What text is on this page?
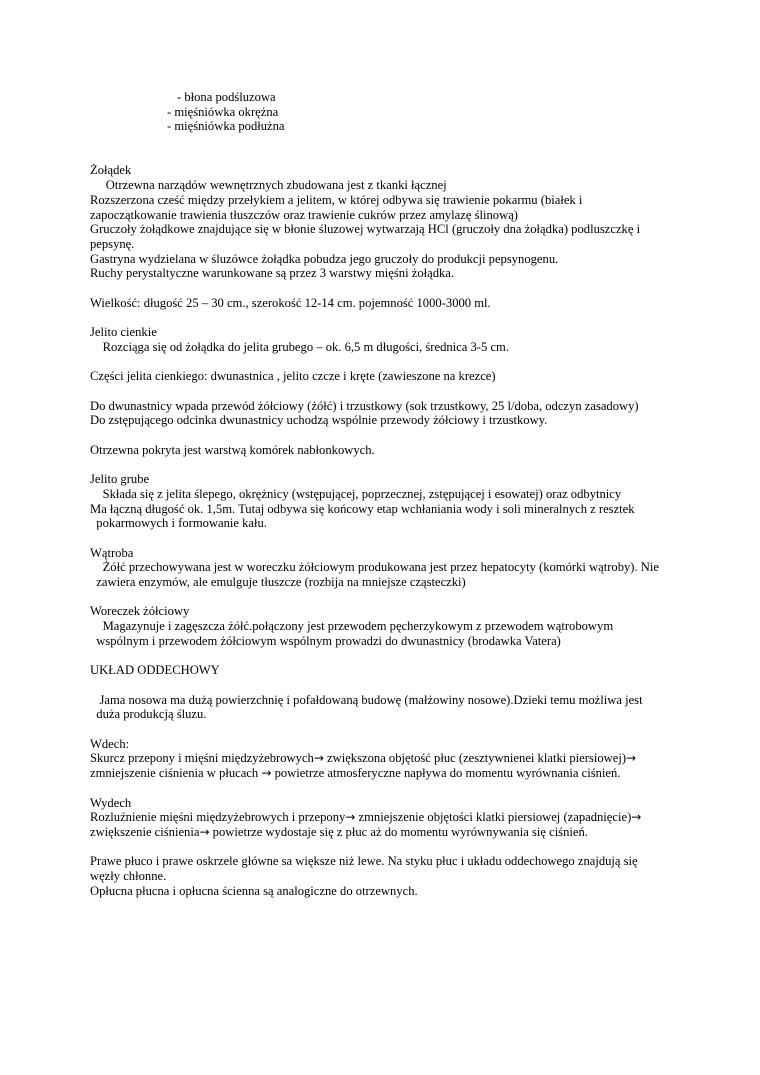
- błona podśluzowa
- mięśniówka okrężna
- mięśniówka podłużna
Żołądek
Otrzewna narządów wewnętrznych zbudowana jest z tkanki łącznej
Rozszerzona cześć między przełykiem a jelitem, w której odbywa się trawienie pokarmu (białek i
zapoczątkowanie trawienia tłuszczów oraz trawienie cukrów przez amylazę ślinową)
Gruczoły żołądkowe znajdujące się w błonie śluzowej wytwarzają HCl (gruczoły dna żołądka) podluszczkę i
pepsynę.
Gastryna wydzielana w śluzówce żołądka pobudza jego gruczoły do produkcji pepsynogenu.
Ruchy perystaltyczne warunkowane są przez 3 warstwy mięśni żołądka.
Wielkość: długość 25 – 30 cm., szerokość 12-14 cm. pojemność 1000-3000 ml.
Jelito cienkie
Rozciąga się od żołądka do jelita grubego – ok. 6,5 m długości, średnica 3-5 cm.
Części jelita cienkiego: dwunastnica , jelito czcze i kręte (zawieszone na krezce)
Do dwunastnicy wpada przewód żółciowy (żółć) i trzustkowy (sok trzustkowy, 25 l/doba, odczyn zasadowy)
Do zstępującego odcinka dwunastnicy uchodzą wspólnie przewody żółciowy i trzustkowy.
Otrzewna pokryta jest warstwą komórek nabłonkowych.
Jelito grube
Składa się z jelita ślepego, okrężnicy (wstępującej, poprzecznej, zstępującej i esowatej) oraz odbytnicy
Ma łączną długość ok. 1,5m. Tutaj odbywa się końcowy etap wchłaniania wody i soli mineralnych z resztek
pokarmowych i formowanie kału.
Wątroba
Żółć przechowywana jest w woreczku żółciowym produkowana jest przez hepatocyty (komórki wątroby). Nie
zawiera enzymów, ale emulguje tłuszcze (rozbija na mniejsze cząsteczki)
Woreczek żółciowy
Magazynuje i zagęszcza żółć.połączony jest przewodem pęcherzykowym z przewodem wątrobowym
wspólnym i przewodem żółciowym wspólnym prowadzi do dwunastnicy (brodawka Vatera)
UKŁAD ODDECHOWY
Jama nosowa ma dużą powierzchnię i pofałdowaną budowę (małżowiny nosowe).Dzieki temu możliwa jest
duża produkcją śluzu.
Wdech:
Skurcz przepony i mięśni międzyżebrowych→ zwiększona objętość płuc (zesztywnienei klatki piersiowej)→
zmniejszenie ciśnienia w płucach → powietrze atmosferyczne napływa do momentu wyrównania ciśnień.
Wydech
Rozluźnienie mięśni międzyżebrowych i przepony→ zmniejszenie objętości klatki piersiowej (zapadnięcie)→
zwiększenie ciśnienia→ powietrze wydostaje się z płuc aż do momentu wyrównywania się ciśnień.
Prawe płuco i prawe oskrzele główne sa większe niż lewe. Na styku płuc i układu oddechowego znajdują się
węzły chłonne.
Opłucna płucna i opłucna ścienna są analogiczne do otrzewnych.
